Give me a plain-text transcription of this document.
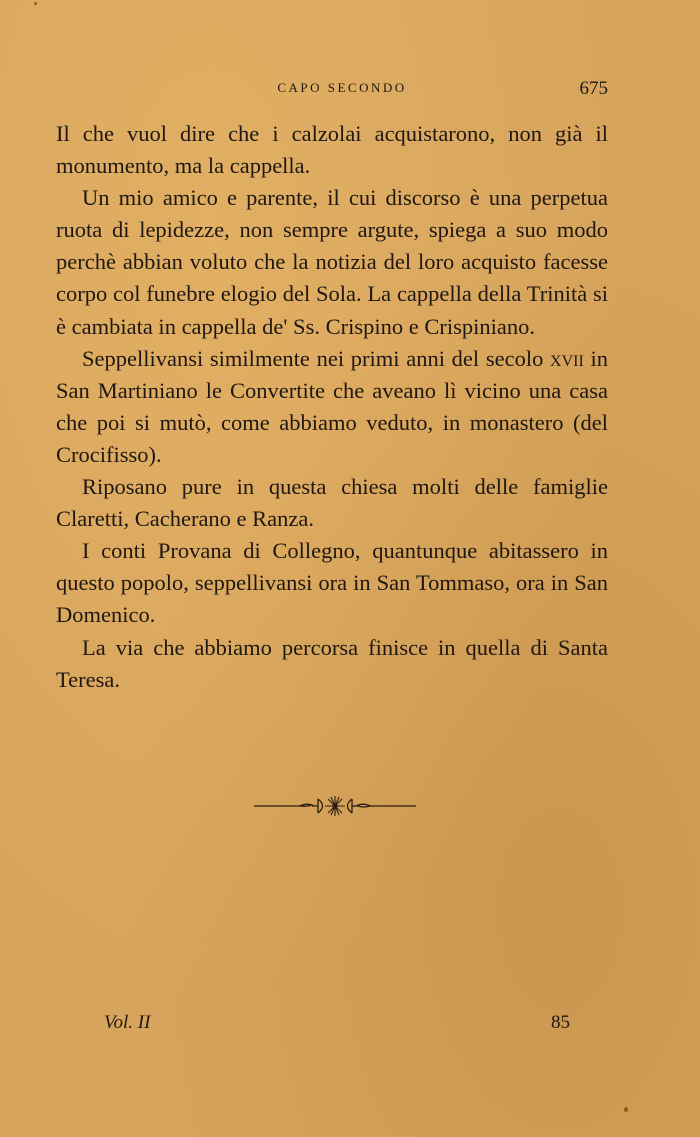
CAPO SECONDO	675

Il che vuol dire che i calzolai acquistarono, non già il monumento, ma la cappella.

Un mio amico e parente, il cui discorso è una perpetua ruota di lepidezze, non sempre argute, spiega a suo modo perchè abbian voluto che la notizia del loro acquisto facesse corpo col funebre elogio del Sola. La cappella della Trinità si è cambiata in cappella de' Ss. Crispino e Crispiniano.

Seppellivansi similmente nei primi anni del secolo xvii in San Martiniano le Convertite che aveano lì vicino una casa che poi si mutò, come abbiamo veduto, in monastero (del Crocifisso).

Riposano pure in questa chiesa molti delle famiglie Claretti, Cacherano e Ranza.

I conti Provana di Collegno, quantunque abitassero in questo popolo, seppellivansi ora in San Tommaso, ora in San Domenico.

La via che abbiamo percorsa finisce in quella di Santa Teresa.

Vol. II	85
